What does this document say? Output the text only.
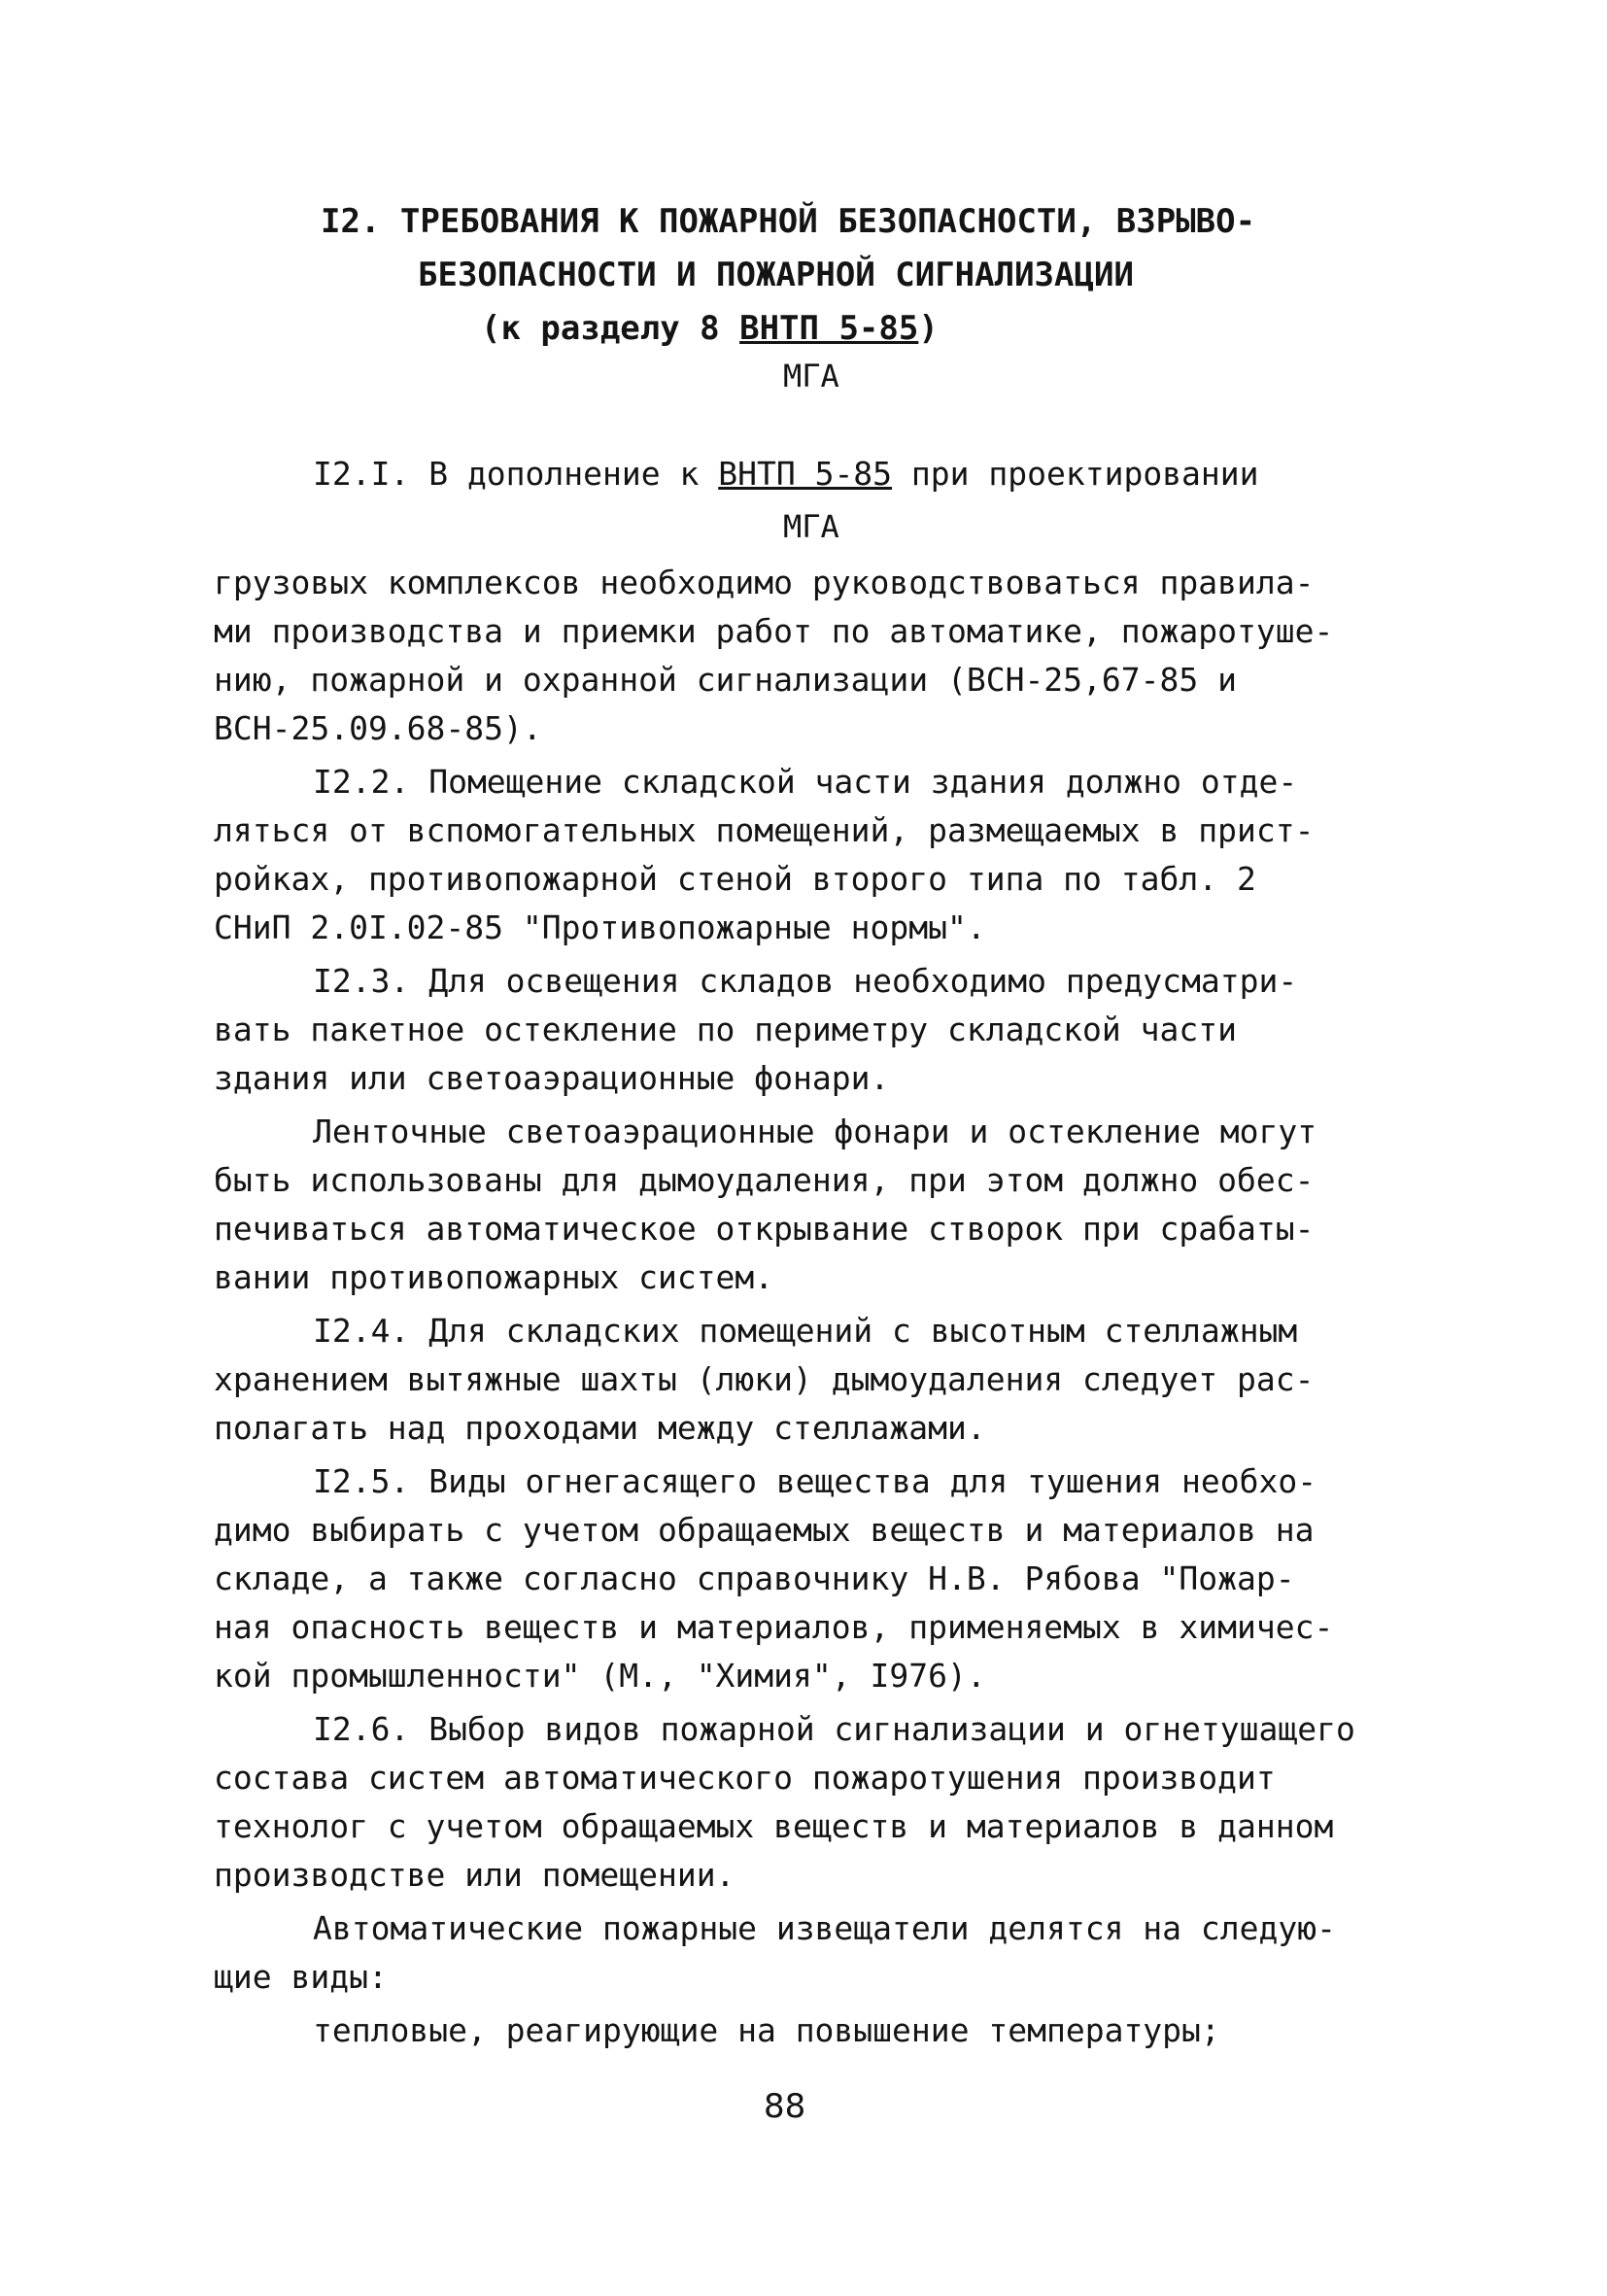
I2. ТРЕБОВАНИЯ К ПОЖАРНОЙ БЕЗОПАСНОСТИ, ВЗРЫВО-
БЕЗОПАСНОСТИ И ПОЖАРНОЙ СИГНАЛИЗАЦИИ
(к разделу 8 ВНТП 5-85)
МГА
I2.I. В дополнение к ВНТП 5-85 при проектировании
МГА
грузовых комплексов необходимо руководствоваться правила-
ми производства и приемки работ по автоматике, пожаротуше-
нию, пожарной и охранной сигнализации (ВСН-25,67-85 и
ВСН-25.09.68-85).
I2.2. Помещение складской части здания должно отде-
ляться от вспомогательных помещений, размещаемых в прист-
ройках, противопожарной стеной второго типа по табл. 2
СНиП 2.0I.02-85 "Противопожарные нормы".
I2.3. Для освещения складов необходимо предусматри-
вать пакетное остекление по периметру складской части
здания или светоаэрационные фонари.
Ленточные светоаэрационные фонари и остекление могут
быть использованы для дымоудаления, при этом должно обес-
печиваться автоматическое открывание створок при срабаты-
вании противопожарных систем.
I2.4. Для складских помещений с высотным стеллажным
хранением вытяжные шахты (люки) дымоудаления следует рас-
полагать над проходами между стеллажами.
I2.5. Виды огнегасящего вещества для тушения необхо-
димо выбирать с учетом обращаемых веществ и материалов на
складе, а также согласно справочнику Н.В. Рябова "Пожар-
ная опасность веществ и материалов, применяемых в химичес-
кой промышленности" (М., "Химия", I976).
I2.6. Выбор видов пожарной сигнализации и огнетушащего
состава систем автоматического пожаротушения производит
технолог с учетом обращаемых веществ и материалов в данном
производстве или помещении.
Автоматические пожарные извещатели делятся на следую-
щие виды:
тепловые, реагирующие на повышение температуры;
88
